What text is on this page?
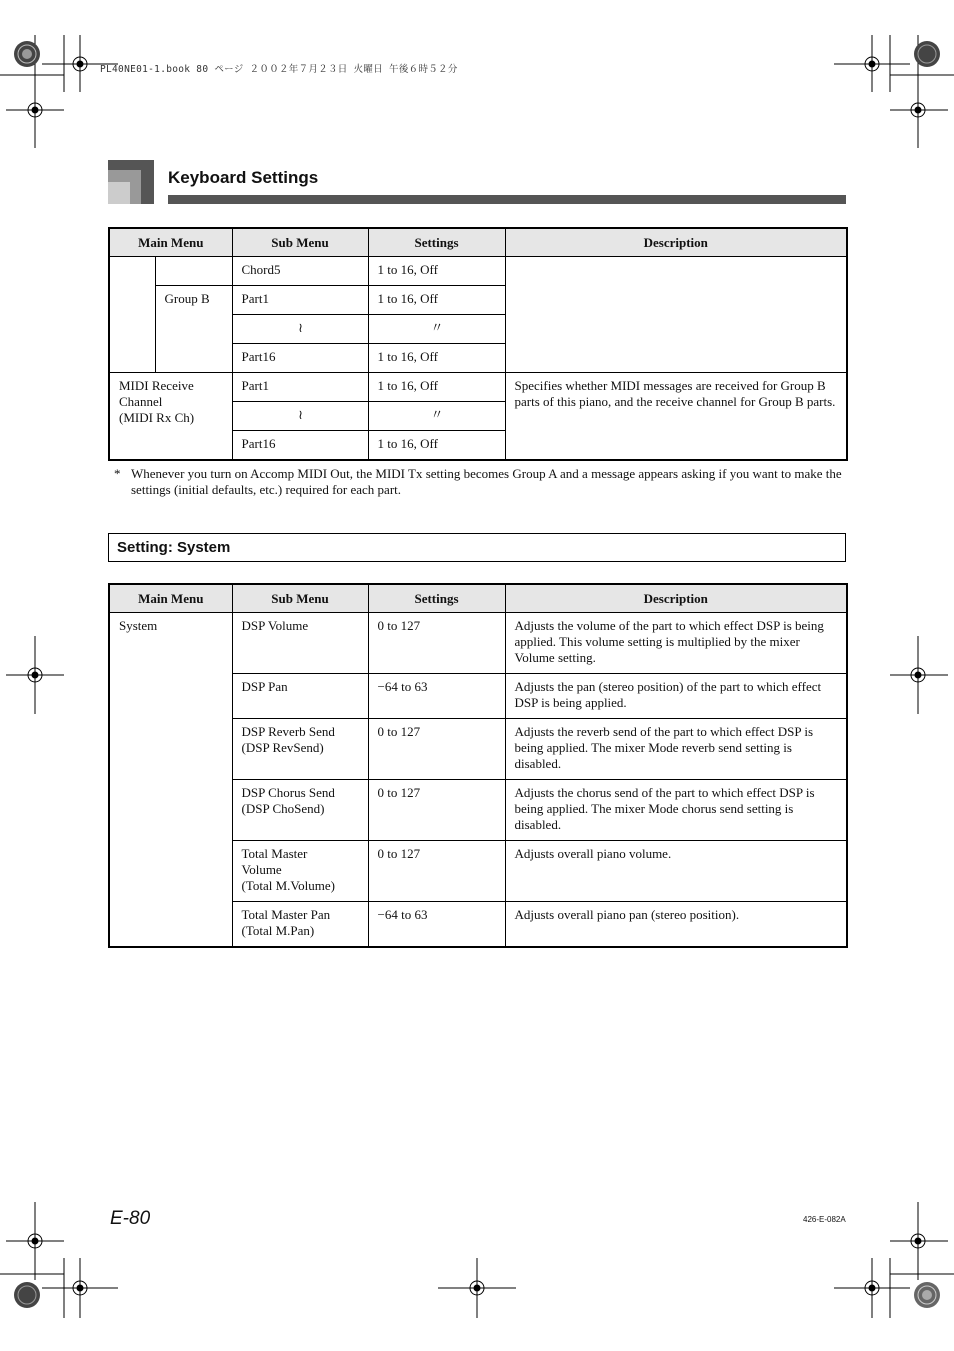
PL40NE01-1.book 80 ページ ２００２年７月２３日 火曜日 午後６時５２分
Keyboard Settings
Main Menu		Sub Menu	Settings	Description
		Chord5	1 to 16, Off	
	Group B	Part1	1 to 16, Off	
		≀	〃	
		Part16	1 to 16, Off	
MIDI Receive
Channel
(MIDI Rx Ch)		Part1	1 to 16, Off	Specifies whether MIDI messages are received for Group B parts of this piano, and the receive channel for Group B parts.
		≀	〃	
		Part16	1 to 16, Off	
* Whenever you turn on Accomp MIDI Out, the MIDI Tx setting becomes Group A and a message appears asking if you want to make the settings (initial defaults, etc.) required for each part.
Setting: System
Main Menu	Sub Menu	Settings	Description
System	DSP Volume	0 to 127	Adjusts the volume of the part to which effect DSP is being applied. This volume setting is multiplied by the mixer Volume setting.
	DSP Pan	−64 to 63	Adjusts the pan (stereo position) of the part to which effect DSP is being applied.
	DSP Reverb Send
(DSP RevSend)	0 to 127	Adjusts the reverb send of the part to which effect DSP is being applied. The mixer Mode reverb send setting is disabled.
	DSP Chorus Send
(DSP ChoSend)	0 to 127	Adjusts the chorus send of the part to which effect DSP is being applied. The mixer Mode chorus send setting is disabled.
	Total Master
Volume
(Total M.Volume)	0 to 127	Adjusts overall piano volume.
	Total Master Pan
(Total M.Pan)	−64 to 63	Adjusts overall piano pan (stereo position).
E-80	426-E-082A
